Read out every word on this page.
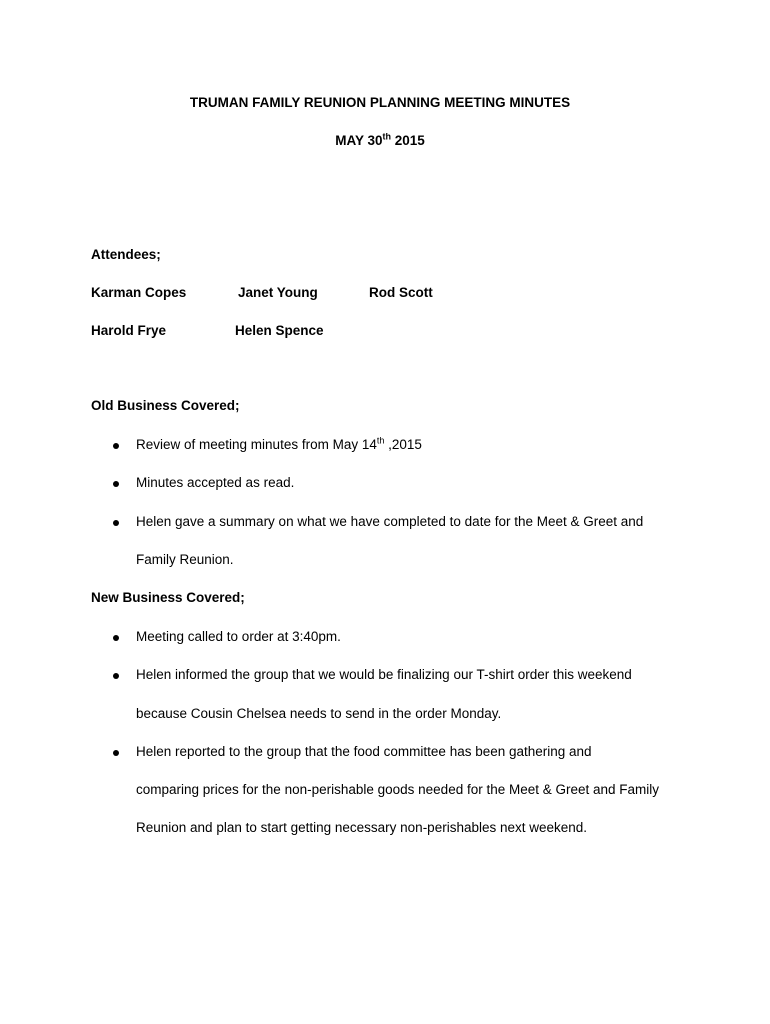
TRUMAN FAMILY REUNION PLANNING MEETING MINUTES
MAY 30th 2015
Attendees;
Karman Copes	Janet Young	Rod Scott
Harold Frye	Helen Spence
Old Business Covered;
Review of meeting minutes from May 14th ,2015
Minutes accepted as read.
Helen gave a summary on what we have completed to date for the Meet & Greet and
Family Reunion.
New Business Covered;
Meeting called to order at 3:40pm.
Helen informed the group that we would be finalizing our T-shirt order this weekend
because Cousin Chelsea needs to send in the order Monday.
Helen reported to the group that the food committee has been gathering and
comparing prices for the non-perishable goods needed for the Meet & Greet and Family
Reunion and plan to start getting necessary non-perishables next weekend.
